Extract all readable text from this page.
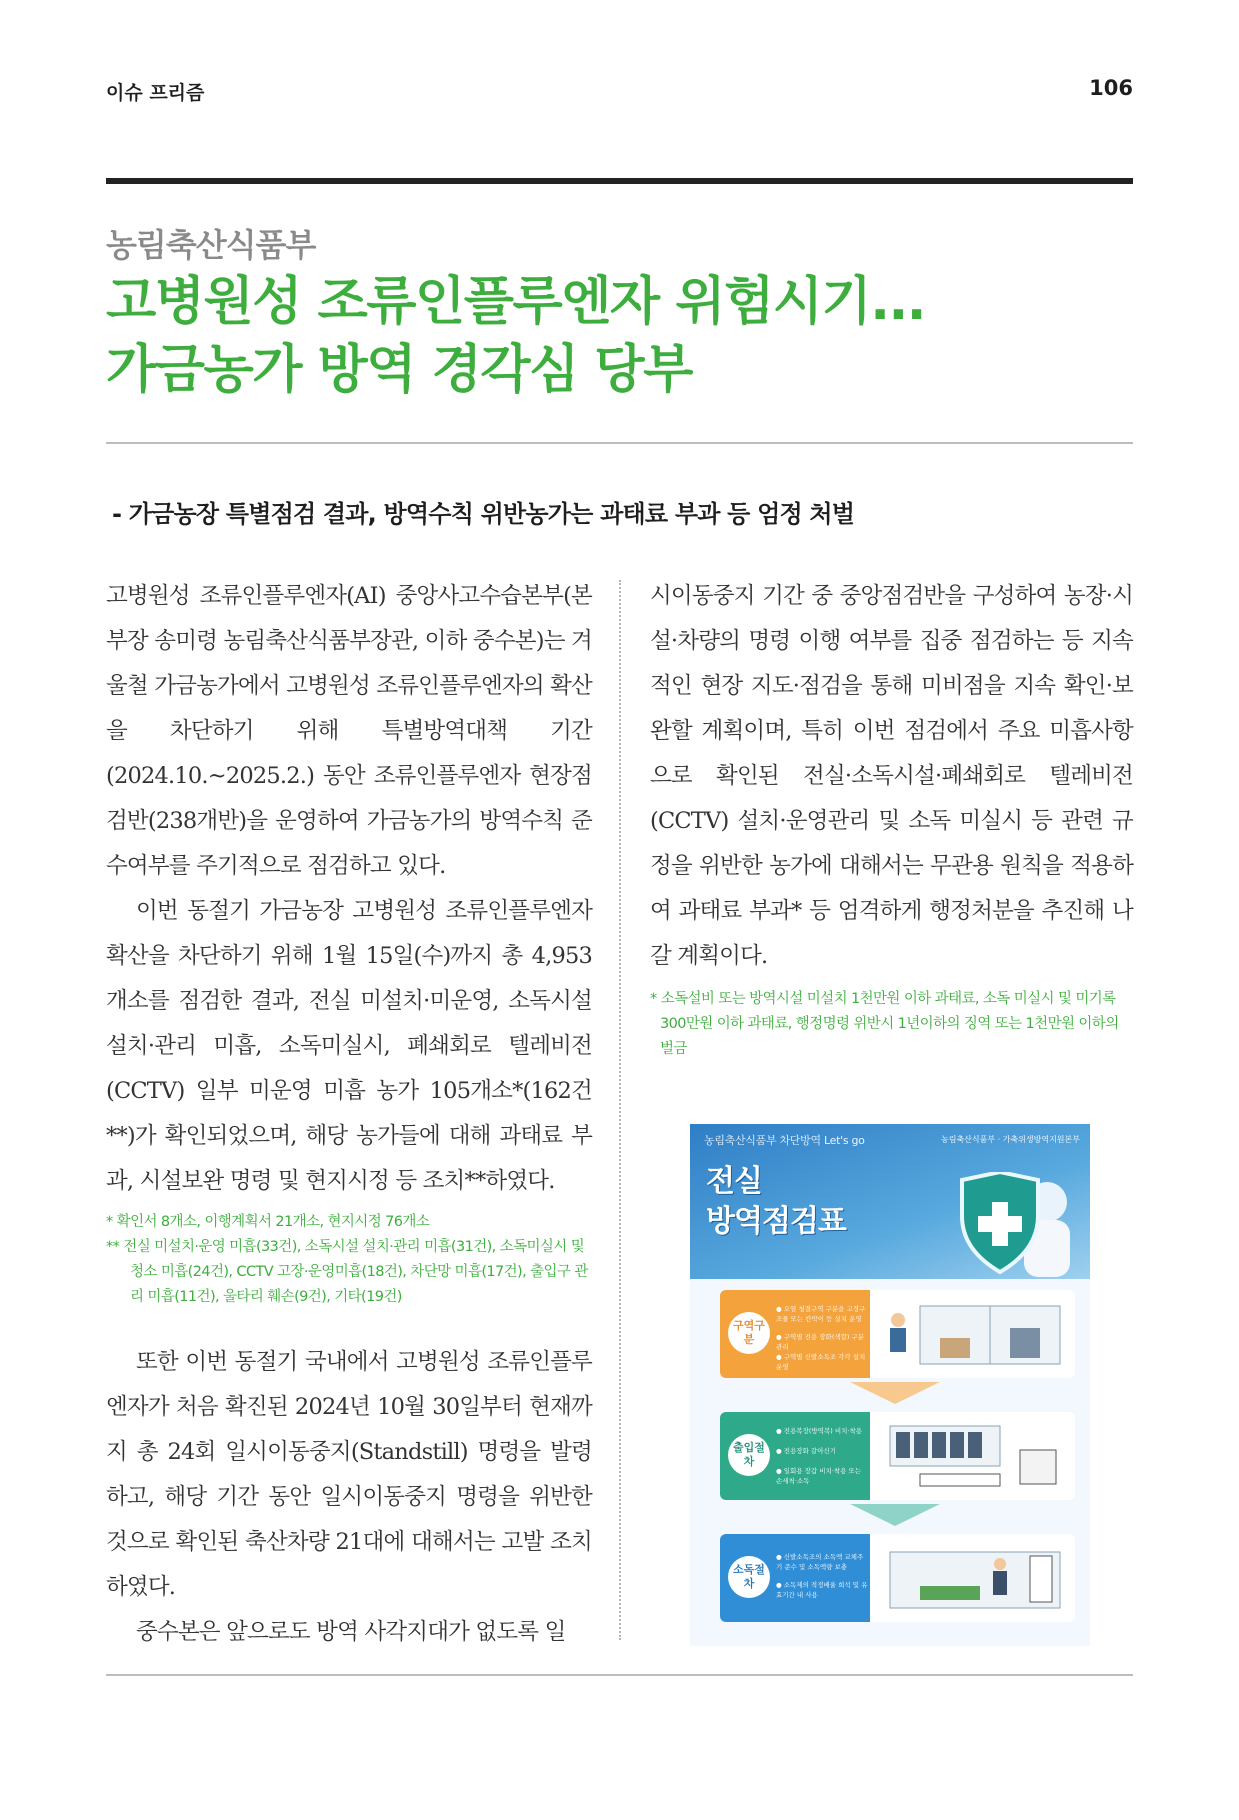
이슈 프리즘	106
농림축산식품부
고병원성 조류인플루엔자 위험시기...
가금농가 방역 경각심 당부
- 가금농장 특별점검 결과, 방역수칙 위반농가는 과태료 부과 등 엄정 처벌

고병원성 조류인플루엔자(AI) 중앙사고수습본부(본부장 송미령 농림축산식품부장관, 이하 중수본)는 겨울철 가금농가에서 고병원성 조류인플루엔자의 확산을 차단하기 위해 특별방역대책 기간(2024.10.~2025.2.) 동안 조류인플루엔자 현장점검반(238개반)을 운영하여 가금농가의 방역수칙 준수여부를 주기적으로 점검하고 있다.

이번 동절기 가금농장 고병원성 조류인플루엔자 확산을 차단하기 위해 1월 15일(수)까지 총 4,953개소를 점검한 결과, 전실 미설치·미운영, 소독시설 설치·관리 미흡, 소독미실시, 폐쇄회로 텔레비전(CCTV) 일부 미운영 미흡 농가 105개소*(162건**)가 확인되었으며, 해당 농가들에 대해 과태료 부과, 시설보완 명령 및 현지시정 등 조치**하였다.

* 확인서 8개소, 이행계획서 21개소, 현지시정 76개소
** 전실 미설치·운영 미흡(33건), 소독시설 설치·관리 미흡(31건), 소독미실시 및 청소 미흡(24건), CCTV 고장·운영미흡(18건), 차단망 미흡(17건), 출입구 관리 미흡(11건), 울타리 훼손(9건), 기타(19건)

또한 이번 동절기 국내에서 고병원성 조류인플루엔자가 처음 확진된 2024년 10월 30일부터 현재까지 총 24회 일시이동중지(Standstill) 명령을 발령하고, 해당 기간 동안 일시이동중지 명령을 위반한 것으로 확인된 축산차량 21대에 대해서는 고발 조치하였다.

중수본은 앞으로도 방역 사각지대가 없도록 일

시이동중지 기간 중 중앙점검반을 구성하여 농장·시설·차량의 명령 이행 여부를 집중 점검하는 등 지속적인 현장 지도·점검을 통해 미비점을 지속 확인·보완할 계획이며, 특히 이번 점검에서 주요 미흡사항으로 확인된 전실·소독시설·폐쇄회로 텔레비전(CCTV) 설치·운영관리 및 소독 미실시 등 관련 규정을 위반한 농가에 대해서는 무관용 원칙을 적용하여 과태료 부과* 등 엄격하게 행정처분을 추진해 나갈 계획이다.

* 소독설비 또는 방역시설 미설치 1천만원 이하 과태료, 소독 미실시 및 미기록 300만원 이하 과태료, 행정명령 위반시 1년이하의 징역 또는 1천만원 이하의 벌금
농림축산식품부 차단방역 Let's go	농림축산식품부 · 가축위생방역지원본부
전실
방역점검표
구역구분
● 오염 청결구역 구분을 고정구조물 또는 칸막이 등 설치 운영
● 구역별 전용 장화(색깔) 구분 관리
● 구역별 신발소독조 각각 설치 운영
출입절차
● 전용복장(방역복) 비치·착용
● 전용장화 갈아신기
● 일회용 장갑 비치·착용 또는 손세척·소독
소독절차
● 신발소독조의 소독액 교체주기 준수 및 소독액량 보충
● 소독제의 적정배율 희석 및 유효기간 내 사용
